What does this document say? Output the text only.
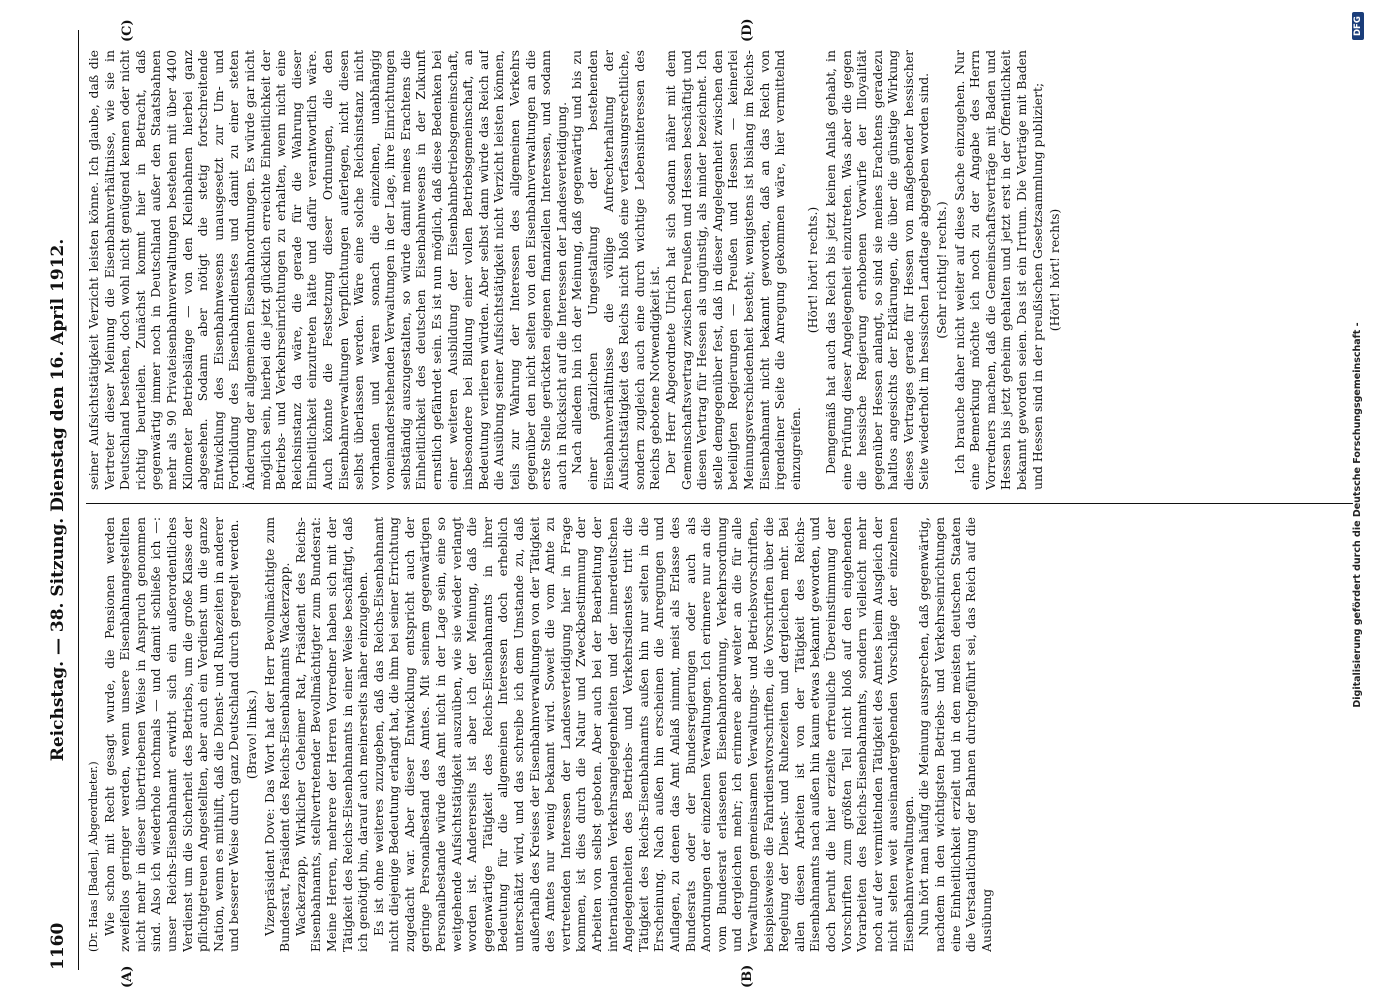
1160
Reichstag. — 38. Sitzung. Dienstag den 16. April 1912.
(A)	(B)
(C)	(D)

(Dr. Haas [Baden], Abgeordneter.) Wie schon mit Recht gesagt wurde, die Pensionen werden zweifellos geringer werden, wenn unsere Eisenbahnangestellten nicht mehr in dieser übertriebenen Weise in Anspruch genommen sind. Also ich wiederhole nochmals — und damit schließe ich —: unser Reichs-Eisenbahnamt erwirbt sich ein außerordentliches Verdienst um die Sicherheit des Betriebs, um die große Klasse der pflichtgetreuen Angestellten, aber auch ein Verdienst um die ganze Nation, wenn es mithilft, daß die Dienst- und Ruhezeiten in anderer und besserer Weise durch ganz Deutschland durch geregelt werden. (Bravo! links.) Vizepräsident Dove: Das Wort hat der Herr Bevollmächtigte zum Bundesrat, Präsident des Reichs-Eisenbahnamts Wackerzapp. Wackerzapp, Wirklicher Geheimer Rat, Präsident des Reichs-Eisenbahnamts, stellvertretender Bevollmächtigter zum Bundesrat: Meine Herren, mehrere der Herren Vorredner haben sich mit der Tätigkeit des Reichs-Eisenbahnamts in einer Weise beschäftigt, daß ich genötigt bin, darauf auch meinerseits näher einzugehen. Es ist ohne weiteres zuzugeben, daß das Reichs-Eisenbahnamt nicht diejenige Bedeutung erlangt hat, die ihm bei seiner Errichtung zugedacht war. Aber dieser Entwicklung entspricht auch der geringe Personalbestand des Amtes. Mit seinem gegenwärtigen Personalbestande würde das Amt nicht in der Lage sein, eine so weitgehende Aufsichtstätigkeit auszuüben, wie sie wieder verlangt worden ist. Andererseits ist aber ich der Meinung, daß die gegenwärtige Tätigkeit des Reichs-Eisenbahnamts in ihrer Bedeutung für die allgemeinen Interessen doch erheblich unterschätzt wird, und das schreibe ich dem Umstande zu, daß außerhalb des Kreises der Eisenbahnverwaltungen von der Tätigkeit des Amtes nur wenig bekannt wird. Soweit die vom Amte zu vertretenden Interessen der Landesverteidigung hier in Frage kommen, ist dies durch die Natur und Zweckbestimmung der Arbeiten von selbst geboten. Aber auch bei der Bearbeitung der internationalen Verkehrsangelegenheiten und der innerdeutschen Angelegenheiten des Betriebs- und Verkehrsdienstes tritt die Tätigkeit des Reichs-Eisenbahnamts außen hin nur selten in die Erscheinung. Nach außen hin erscheinen die Anregungen und Auflagen, zu denen das Amt Anlaß nimmt, meist als Erlasse des Bundesrats oder der Bundesregierungen oder auch als Anordnungen der einzelnen Verwaltungen. Ich erinnere nur an die vom Bundesrat erlassenen Eisenbahnordnung, Verkehrsordnung und dergleichen mehr; ich erinnere aber weiter an die für alle Verwaltungen gemeinsamen Verwaltungs- und Betriebsvorschriften, beispielsweise die Fahrdienstvorschriften, die Vorschriften über die Regelung der Dienst- und Ruhezeiten und dergleichen mehr. Bei allen diesen Arbeiten ist von der Tätigkeit des Reichs-Eisenbahnamts nach außen hin kaum etwas bekannt geworden, und doch beruht die hier erzielte erfreuliche Übereinstimmung der Vorschriften zum größten Teil nicht bloß auf den eingehenden Vorarbeiten des Reichs-Eisenbahnamts, sondern vielleicht mehr noch auf der vermittelnden Tätigkeit des Amtes beim Ausgleich der nicht selten weit auseinandergehenden Vorschläge der einzelnen Eisenbahnverwaltungen. Nun hört man häufig die Meinung aussprechen, daß gegenwärtig, nachdem in den wichtigsten Betriebs- und Verkehrseinrichtungen eine Einheitlichkeit erzielt und in den meisten deutschen Staaten die Verstaatlichung der Bahnen durchgeführt sei, das Reich auf die Ausübung

seiner Aufsichtstätigkeit Verzicht leisten könne. Ich glaube, daß die Vertreter dieser Meinung die Eisenbahnverhältnisse, wie sie in Deutschland bestehen, doch wohl nicht genügend kennen oder nicht richtig beurteilen. Zunächst kommt hier in Betracht, daß gegenwärtig immer noch in Deutschland außer den Staatsbahnen mehr als 90 Privateisenbahnverwaltungen bestehen mit über 4400 Kilometer Betriebslänge — von den Kleinbahnen hierbei ganz abgesehen. Sodann aber nötigt die stetig fortschreitende Entwicklung des Eisenbahnwesens unausgesetzt zur Um- und Fortbildung des Eisenbahndienstes und damit zu einer steten Änderung der allgemeinen Eisenbahnordnungen. Es würde gar nicht möglich sein, hierbei die jetzt glücklich erreichte Einheitlichkeit der Betriebs- und Verkehrseinrichtungen zu erhalten, wenn nicht eine Reichsinstanz da wäre, die gerade für die Wahrung dieser Einheitlichkeit einzutreten hätte und dafür verantwortlich wäre. Auch könnte die Festsetzung dieser Ordnungen, die den Eisenbahnverwaltungen Verpflichtungen auferlegen, nicht diesen selbst überlassen werden. Wäre eine solche Reichsinstanz nicht vorhanden und wären sonach die einzelnen, unabhängig voneinanderstehenden Verwaltungen in der Lage, ihre Einrichtungen selbständig auszugestalten, so würde damit meines Erachtens die Einheitlichkeit des deutschen Eisenbahnwesens in der Zukunft ernstlich gefährdet sein. Es ist nun möglich, daß diese Bedenken bei einer weiteren Ausbildung der Eisenbahnbetriebsgemeinschaft, insbesondere bei Bildung einer vollen Betriebsgemeinschaft, an Bedeutung verlieren würden. Aber selbst dann würde das Reich auf die Ausübung seiner Aufsichtstätigkeit nicht Verzicht leisten können, teils zur Wahrung der Interessen des allgemeinen Verkehrs gegenüber den nicht selten von den Eisenbahnverwaltungen an die erste Stelle gerückten eigenen finanziellen Interessen, und sodann auch in Rücksicht auf die Interessen der Landesverteidigung. Nach alledem bin ich der Meinung, daß gegenwärtig und bis zu einer gänzlichen Umgestaltung der bestehenden Eisenbahnverhältnisse die völlige Aufrechterhaltung der Aufsichtstätigkeit des Reichs nicht bloß eine verfassungsrechtliche, sondern zugleich auch eine durch wichtige Lebensinteressen des Reichs gebotene Notwendigkeit ist. Der Herr Abgeordnete Ulrich hat sich sodann näher mit dem Gemeinschaftsvertrag zwischen Preußen und Hessen beschäftigt und diesen Vertrag für Hessen als ungünstig, als minder bezeichnet. Ich stelle demgegenüber fest, daß in dieser Angelegenheit zwischen den beteiligten Regierungen — Preußen und Hessen — keinerlei Meinungsverschiedenheit besteht; wenigstens ist bislang im Reichs-Eisenbahnamt nicht bekannt geworden, daß an das Reich von irgendeiner Seite die Anregung gekommen wäre, hier vermittelnd einzugreifen.

(Hört! hört! rechts.) Demgemäß hat auch das Reich bis jetzt keinen Anlaß gehabt, in eine Prüfung dieser Angelegenheit einzutreten. Was aber die gegen die hessische Regierung erhobenen Vorwürfe der Illoyalität gegenüber Hessen anlangt, so sind sie meines Erachtens geradezu haltlos angesichts der Erklärungen, die über die günstige Wirkung dieses Vertrages gerade für Hessen von maßgebender hessischer Seite wiederholt im hessischen Landtage abgegeben worden sind. (Sehr richtig! rechts.) Ich brauche daher nicht weiter auf diese Sache einzugehen. Nur eine Bemerkung möchte ich noch zu der Angabe des Herrn Vorredners machen, daß die Gemeinschaftsverträge mit Baden und Hessen bis jetzt geheim gehalten und jetzt erst in der Öffentlichkeit bekannt geworden seien. Das ist ein Irrtum. Die Verträge mit Baden und Hessen sind in der preußischen Gesetzsammlung publiziert; (Hört! hört! rechts)

Digitalisierung gefördert durch die Deutsche Forschungsgemeinschaft -
DFG
